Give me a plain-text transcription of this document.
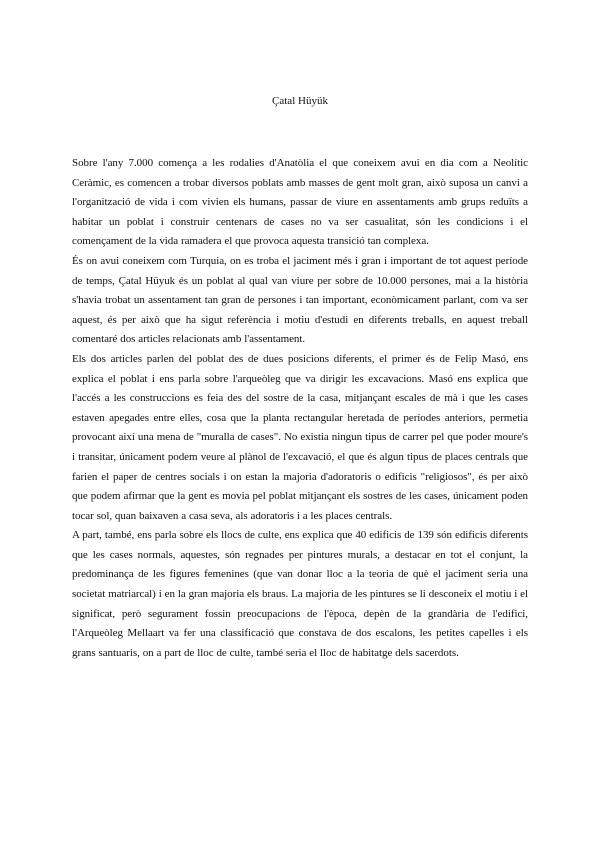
Çatal Hüyük

Sobre l'any 7.000 comença a les rodalies d'Anatòlia el que coneixem avui en dia com a Neolític Ceràmic, es comencen a trobar diversos poblats amb masses de gent molt gran, això suposa un canvi a l'organització de vida i com vivien els humans, passar de viure en assentaments amb grups reduïts a habitar un poblat i construir centenars de cases no va ser casualitat, són les condicions i el començament de la vida ramadera el que provoca aquesta transició tan complexa.

És on avui coneixem com Turquia, on es troba el jaciment més i gran i important de tot aquest període de temps, Çatal Hüyuk és un poblat al qual van viure per sobre de 10.000 persones, mai a la història s'havia trobat un assentament tan gran de persones i tan important, econòmicament parlant, com va ser aquest, és per això que ha sigut referència i motiu d'estudi en diferents treballs, en aquest treball comentaré dos articles relacionats amb l'assentament.

Els dos articles parlen del poblat des de dues posicions diferents, el primer és de Felip Masó, ens explica el poblat i ens parla sobre l'arqueòleg que va dirigir les excavacions. Masó ens explica que l'accés a les construccions es feia des del sostre de la casa, mitjançant escales de mà i que les cases estaven apegades entre elles, cosa que la planta rectangular heretada de períodes anteriors, permetia provocant així una mena de "muralla de cases". No existia ningun tipus de carrer pel que poder moure's i transitar, únicament podem veure al plànol de l'excavació, el que és algun tipus de places centrals que farien el paper de centres socials i on estan la majoria d'adoratoris o edificis "religiosos", és per això que podem afirmar que la gent es movia pel poblat mitjançant els sostres de les cases, únicament poden tocar sol, quan baixaven a casa seva, als adoratoris i a les places centrals.

A part, també, ens parla sobre els llocs de culte, ens explica que 40 edificis de 139 són edificis diferents que les cases normals, aquestes, són regnades per pintures murals, a destacar en tot el conjunt, la predominança de les figures femenines (que van donar lloc a la teoria de què el jaciment seria una societat matriarcal) i en la gran majoria els braus. La majoria de les pintures se li desconeix el motiu i el significat, però segurament fossin preocupacions de l'època, depèn de la grandària de l'edifici, l'Arqueòleg Mellaart va fer una classificació que constava de dos escalons, les petites capelles i els grans santuaris, on a part de lloc de culte, també seria el lloc de habitatge dels sacerdots.
